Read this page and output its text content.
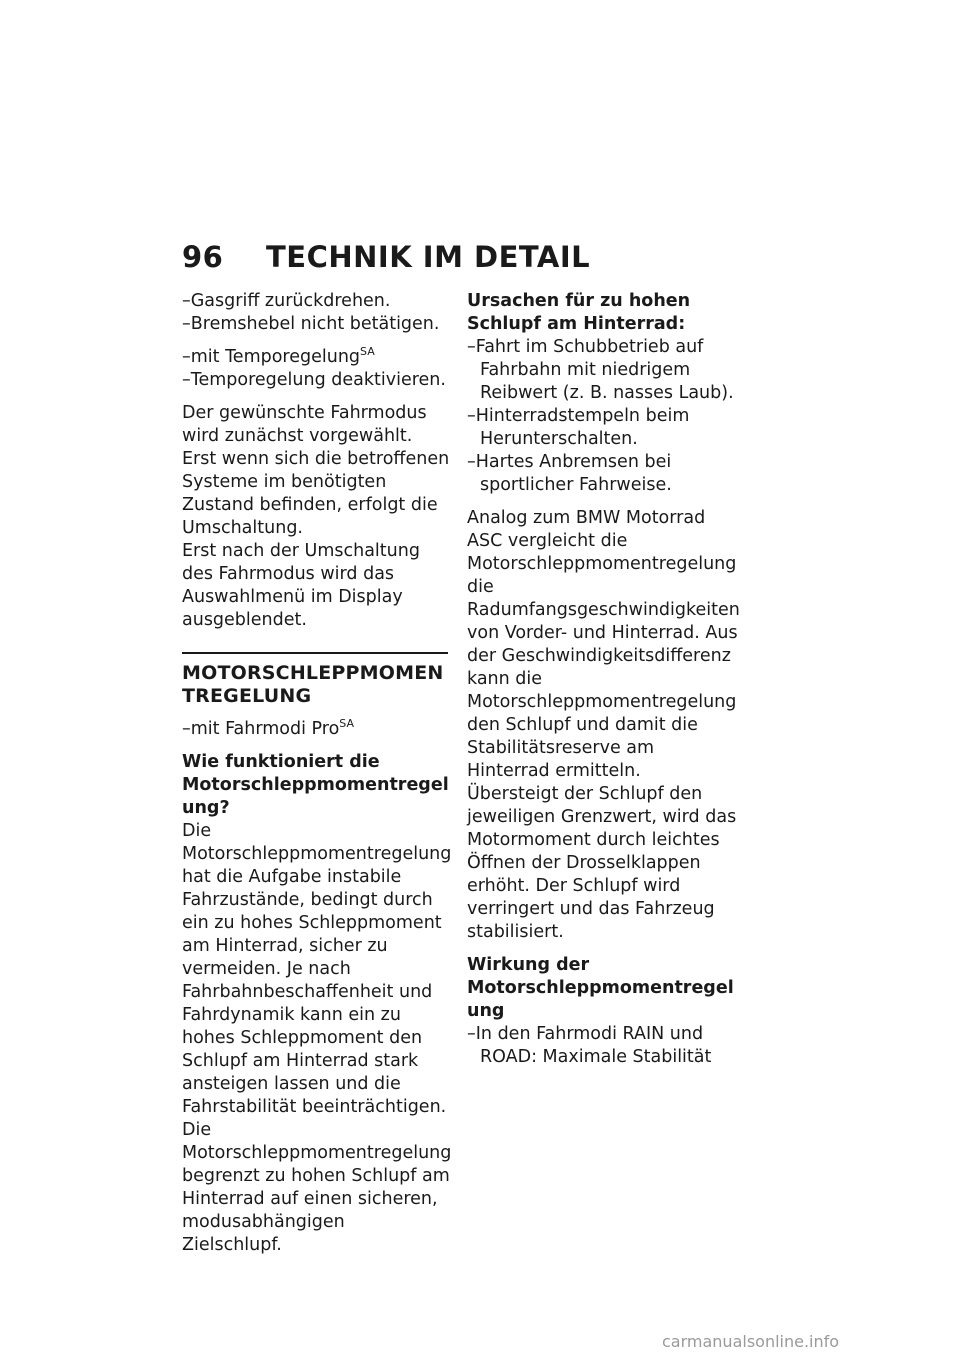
96	TECHNIK IM DETAIL

–Gasgriff zurückdrehen.

–Bremshebel nicht betätigen.

–mit Temporegelung$^{SA}$

–Temporegelung deaktivieren.

Der gewünschte Fahrmodus wird zunächst vorgewählt. Erst wenn sich die betroffenen Systeme im benötigten Zustand befinden, erfolgt die Umschaltung.

Erst nach der Umschaltung des Fahrmodus wird das Auswahlmenü im Display ausgeblendet.

MOTORSCHLEPPMOMENTREGELUNG

–mit Fahrmodi Pro$^{SA}$

Wie funktioniert die Motorschleppmomentregelung?

Die Motorschleppmomentregelung hat die Aufgabe instabile Fahrzustände, bedingt durch ein zu hohes Schleppmoment am Hinterrad, sicher zu vermeiden. Je nach Fahrbahnbeschaffenheit und Fahrdynamik kann ein zu hohes Schleppmoment den Schlupf am Hinterrad stark ansteigen lassen und die Fahrstabilität beeinträchtigen. Die Motorschleppmomentregelung begrenzt zu hohen Schlupf am Hinterrad auf einen sicheren, modusabhängigen Zielschlupf.

Ursachen für zu hohen Schlupf am Hinterrad:

–Fahrt im Schubbetrieb auf Fahrbahn mit niedrigem Reibwert (z. B. nasses Laub).

–Hinterradstempeln beim Herunterschalten.

–Hartes Anbremsen bei sportlicher Fahrweise.

Analog zum BMW Motorrad ASC vergleicht die Motorschleppmomentregelung die Radumfangsgeschwindigkeiten von Vorder- und Hinterrad. Aus der Geschwindigkeitsdifferenz kann die Motorschleppmomentregelung den Schlupf und damit die Stabilitätsreserve am Hinterrad ermitteln.

Übersteigt der Schlupf den jeweiligen Grenzwert, wird das Motormoment durch leichtes Öffnen der Drosselklappen erhöht. Der Schlupf wird verringert und das Fahrzeug stabilisiert.

Wirkung der Motorschleppmomentregelung

–In den Fahrmodi RAIN und ROAD: Maximale Stabilität

carmanualsonline.info
